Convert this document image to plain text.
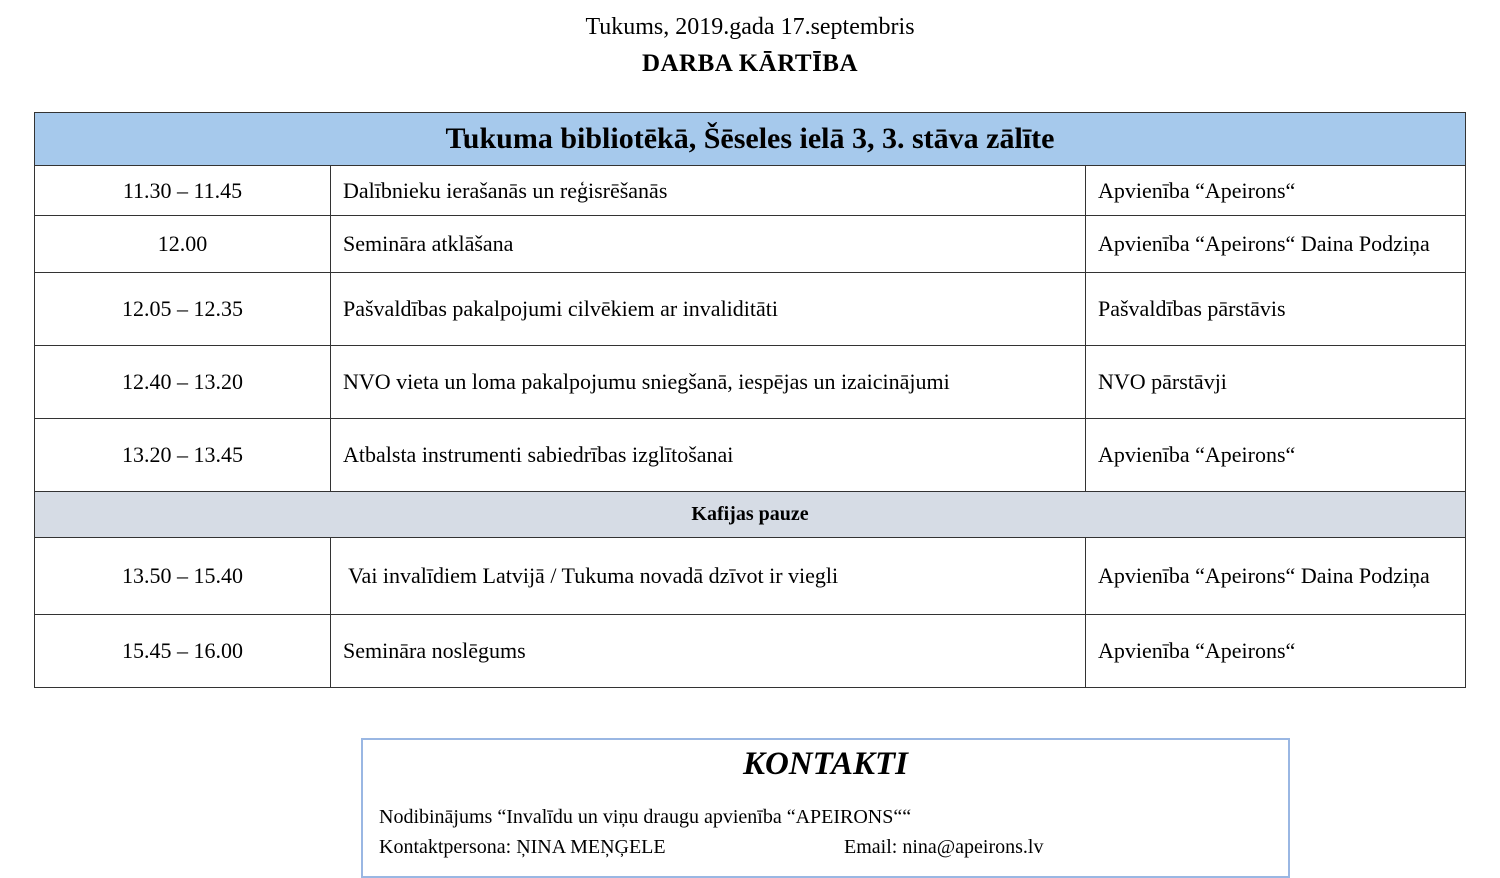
Tukums, 2019.gada 17.septembris
DARBA KĀRTĪBA
Tukuma bibliotēkā, Šēseles ielā 3, 3. stāva zālīte		
11.30 – 11.45	Dalībnieku ierašanās un reģisrēšanās	Apvienība “Apeirons“
12.00	Semināra atklāšana	Apvienība “Apeirons“ Daina Podziņa
12.05 – 12.35	Pašvaldības pakalpojumi cilvēkiem ar invaliditāti	Pašvaldības pārstāvis
12.40 – 13.20	NVO vieta un loma pakalpojumu sniegšanā, iespējas un izaicinājumi	NVO pārstāvji
13.20 – 13.45	Atbalsta instrumenti sabiedrības izglītošanai	Apvienība “Apeirons“
Kafijas pauze		
13.50 – 15.40	Vai invalīdiem Latvijā / Tukuma novadā dzīvot ir viegli	Apvienība “Apeirons“ Daina Podziņa
15.45 – 16.00	Semināra noslēgums	Apvienība “Apeirons“
KONTAKTI
Nodibinājums “Invalīdu un viņu draugu apvienība “APEIRONS““
Kontaktpersona: ŅINA MEŅĢELE	Email: nina@apeirons.lv
